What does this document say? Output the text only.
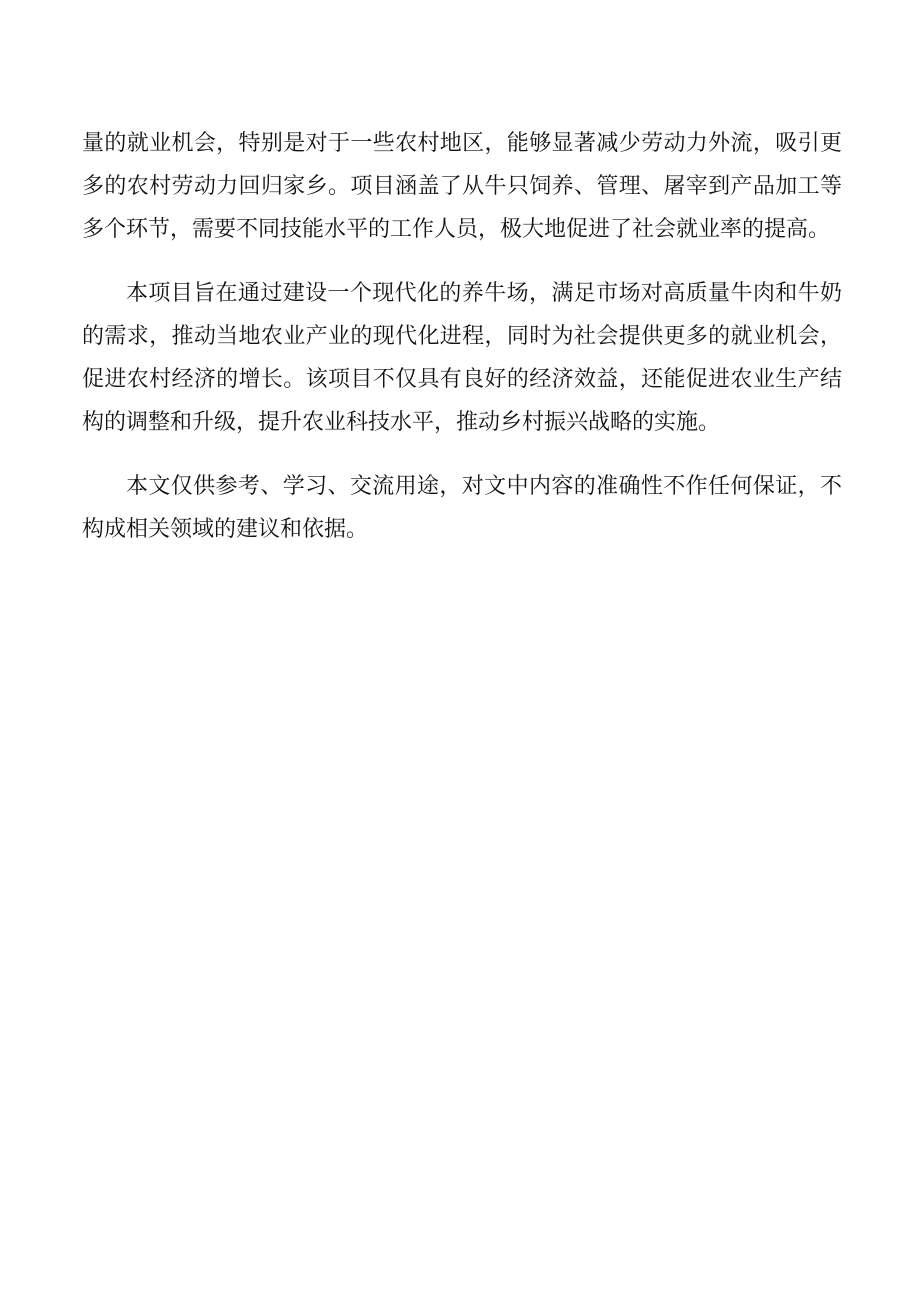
量的就业机会，特别是对于一些农村地区，能够显著减少劳动力外流，吸引更多的农村劳动力回归家乡。项目涵盖了从牛只饲养、管理、屠宰到产品加工等多个环节，需要不同技能水平的工作人员，极大地促进了社会就业率的提高。

本项目旨在通过建设一个现代化的养牛场，满足市场对高质量牛肉和牛奶的需求，推动当地农业产业的现代化进程，同时为社会提供更多的就业机会，促进农村经济的增长。该项目不仅具有良好的经济效益，还能促进农业生产结构的调整和升级，提升农业科技水平，推动乡村振兴战略的实施。

本文仅供参考、学习、交流用途，对文中内容的准确性不作任何保证，不构成相关领域的建议和依据。
